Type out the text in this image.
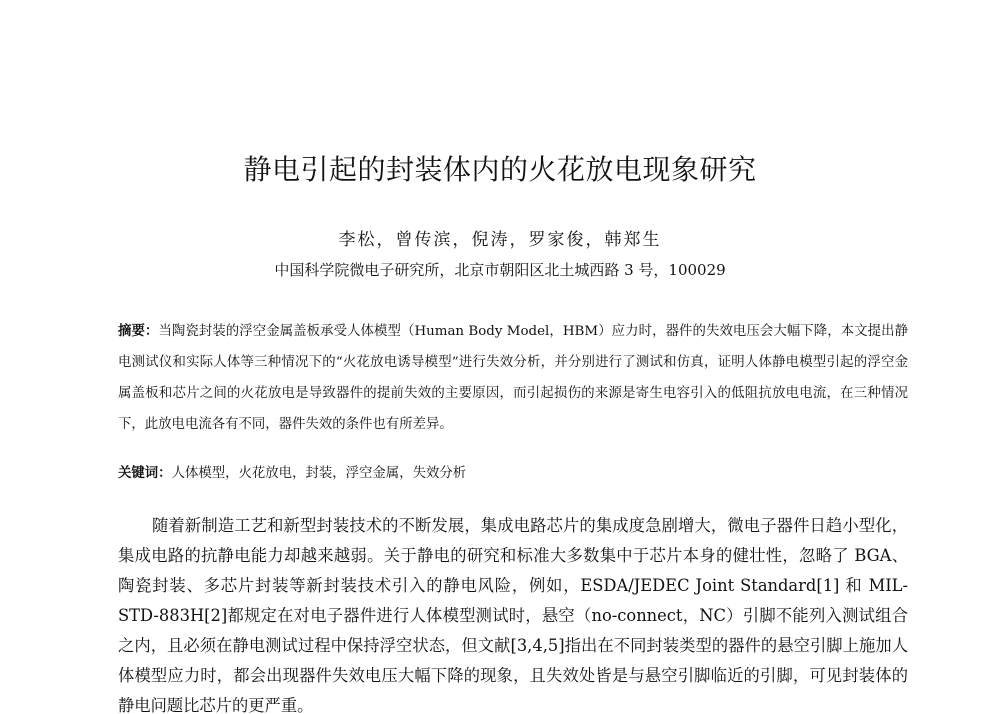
静电引起的封装体内的火花放电现象研究
李松，曾传滨，倪涛，罗家俊，韩郑生
中国科学院微电子研究所，北京市朝阳区北土城西路 3 号，100029
摘要：当陶瓷封装的浮空金属盖板承受人体模型（Human Body Model，HBM）应力时，器件的失效电压会大幅下降，本文提出静电测试仪和实际人体等三种情况下的“火花放电诱导模型”进行失效分析，并分别进行了测试和仿真，证明人体静电模型引起的浮空金属盖板和芯片之间的火花放电是导致器件的提前失效的主要原因，而引起损伤的来源是寄生电容引入的低阻抗放电电流，在三种情况下，此放电电流各有不同，器件失效的条件也有所差异。
关键词：人体模型，火花放电，封装，浮空金属，失效分析
随着新制造工艺和新型封装技术的不断发展，集成电路芯片的集成度急剧增大，微电子器件日趋小型化，集成电路的抗静电能力却越来越弱。关于静电的研究和标准大多数集中于芯片本身的健壮性，忽略了 BGA、陶瓷封装、多芯片封装等新封装技术引入的静电风险，例如，ESDA/JEDEC Joint Standard[1] 和 MIL-STD-883H[2]都规定在对电子器件进行人体模型测试时，悬空（no-connect，NC）引脚不能列入测试组合之内，且必须在静电测试过程中保持浮空状态，但文献[3,4,5]指出在不同封装类型的器件的悬空引脚上施加人体模型应力时，都会出现器件失效电压大幅下降的现象，且失效处皆是与悬空引脚临近的引脚，可见封装体的静电问题比芯片的更严重。
